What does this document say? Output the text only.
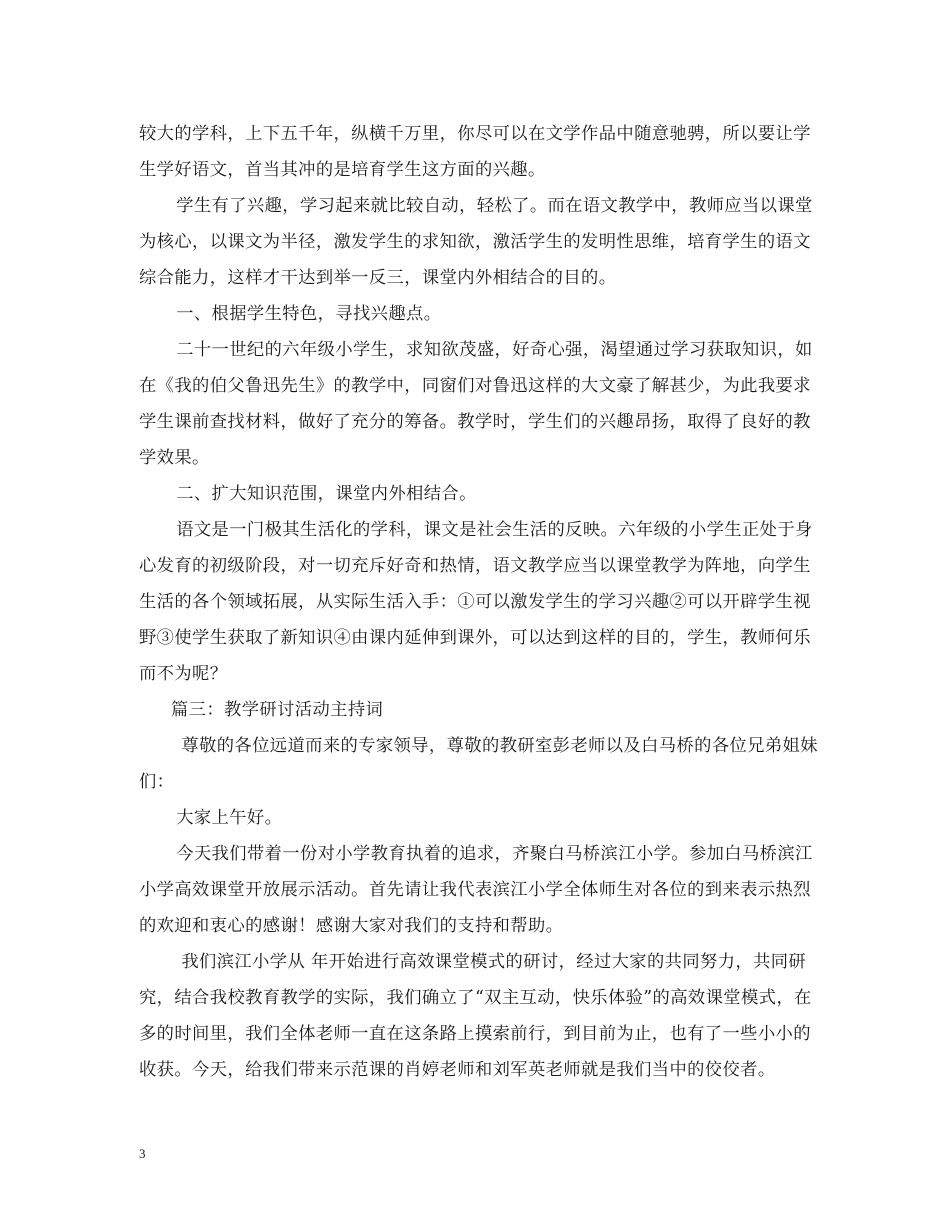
较大的学科，上下五千年，纵横千万里，你尽可以在文学作品中随意驰骋，所以要让学生学好语文，首当其冲的是培育学生这方面的兴趣。

学生有了兴趣，学习起来就比较自动，轻松了。而在语文教学中，教师应当以课堂为核心，以课文为半径，激发学生的求知欲，激活学生的发明性思维，培育学生的语文综合能力，这样才干达到举一反三，课堂内外相结合的目的。

一、根据学生特色，寻找兴趣点。

二十一世纪的六年级小学生，求知欲茂盛，好奇心强，渴望通过学习获取知识，如在《我的伯父鲁迅先生》的教学中，同窗们对鲁迅这样的大文豪了解甚少，为此我要求学生课前查找材料，做好了充分的筹备。教学时，学生们的兴趣昂扬，取得了良好的教学效果。

二、扩大知识范围，课堂内外相结合。

语文是一门极其生活化的学科，课文是社会生活的反映。六年级的小学生正处于身心发育的初级阶段，对一切充斥好奇和热情，语文教学应当以课堂教学为阵地，向学生生活的各个领域拓展，从实际生活入手：①可以激发学生的学习兴趣②可以开辟学生视野③使学生获取了新知识④由课内延伸到课外，可以达到这样的目的，学生，教师何乐而不为呢？

篇三：教学研讨活动主持词

尊敬的各位远道而来的专家领导，尊敬的教研室彭老师以及白马桥的各位兄弟姐妹们：

大家上午好。

今天我们带着一份对小学教育执着的追求，齐聚白马桥滨江小学。参加白马桥滨江小学高效课堂开放展示活动。首先请让我代表滨江小学全体师生对各位的到来表示热烈的欢迎和衷心的感谢！感谢大家对我们的支持和帮助。

我们滨江小学从 年开始进行高效课堂模式的研讨，经过大家的共同努力，共同研究，结合我校教育教学的实际，我们确立了“双主互动，快乐体验”的高效课堂模式，在多的时间里，我们全体老师一直在这条路上摸索前行，到目前为止，也有了一些小小的收获。今天，给我们带来示范课的肖婷老师和刘军英老师就是我们当中的佼佼者。

3
